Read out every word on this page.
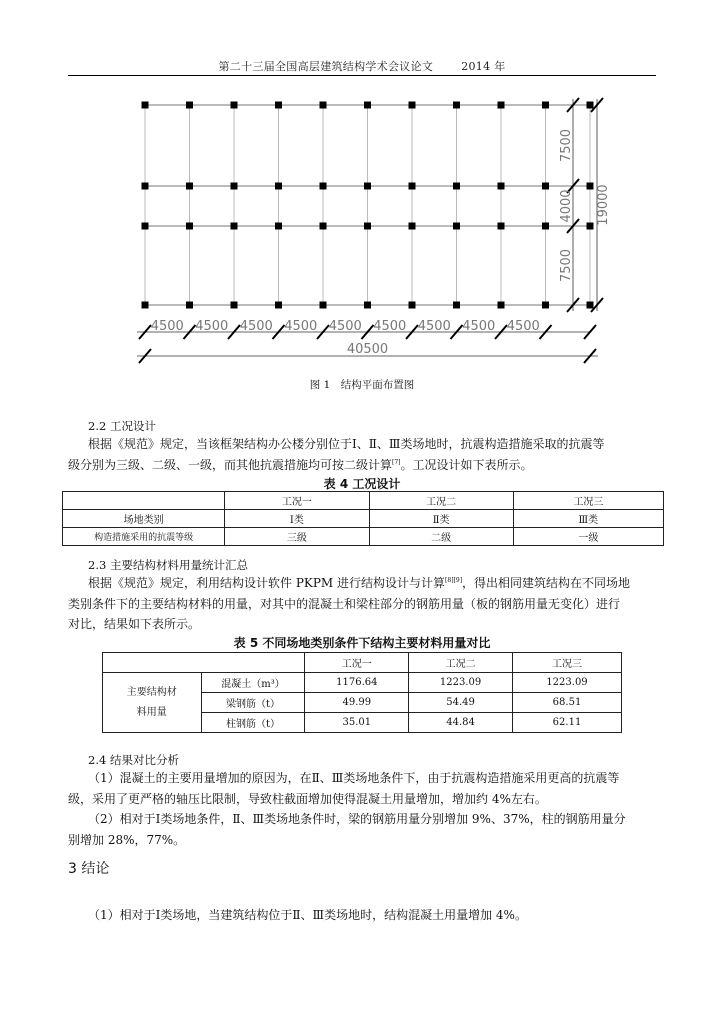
第二十三届全国高层建筑结构学术会议论文	2014 年
4500 4500 4500 4500 4500 4500 4500 4500 4500
40500
7500
4000
7500
19000
图 1　结构平面布置图
2.2 工况设计

根据《规范》规定，当该框架结构办公楼分别位于Ⅰ、Ⅱ、Ⅲ类场地时，抗震构造措施采取的抗震等

级分别为三级、二级、一级，而其他抗震措施均可按二级计算[7]。工况设计如下表所示。

表 4 工况设计
	工况一	工况二	工况三
场地类别	Ⅰ类	Ⅱ类	Ⅲ类
构造措施采用的抗震等级	三级	二级	一级
2.3 主要结构材料用量统计汇总

根据《规范》规定，利用结构设计软件 PKPM 进行结构设计与计算[8][9]，得出相同建筑结构在不同场地

类别条件下的主要结构材料的用量，对其中的混凝土和梁柱部分的钢筋用量（板的钢筋用量无变化）进行

对比，结果如下表所示。

表 5 不同场地类别条件下结构主要材料用量对比
		工况一	工况二	工况三
主要结构材
料用量	混凝土（m³）	1176.64	1223.09	1223.09
	梁钢筋（t）	49.99	54.49	68.51
	柱钢筋（t）	35.01	44.84	62.11
2.4 结果对比分析

（1）混凝土的主要用量增加的原因为，在Ⅱ、Ⅲ类场地条件下，由于抗震构造措施采用更高的抗震等

级，采用了更严格的轴压比限制，导致柱截面增加使得混凝土用量增加，增加约 4%左右。

（2）相对于Ⅰ类场地条件，Ⅱ、Ⅲ类场地条件时，梁的钢筋用量分别增加 9%、37%，柱的钢筋用量分

别增加 28%，77%。

3 结论
（1）相对于Ⅰ类场地，当建筑结构位于Ⅱ、Ⅲ类场地时，结构混凝土用量增加 4%。
